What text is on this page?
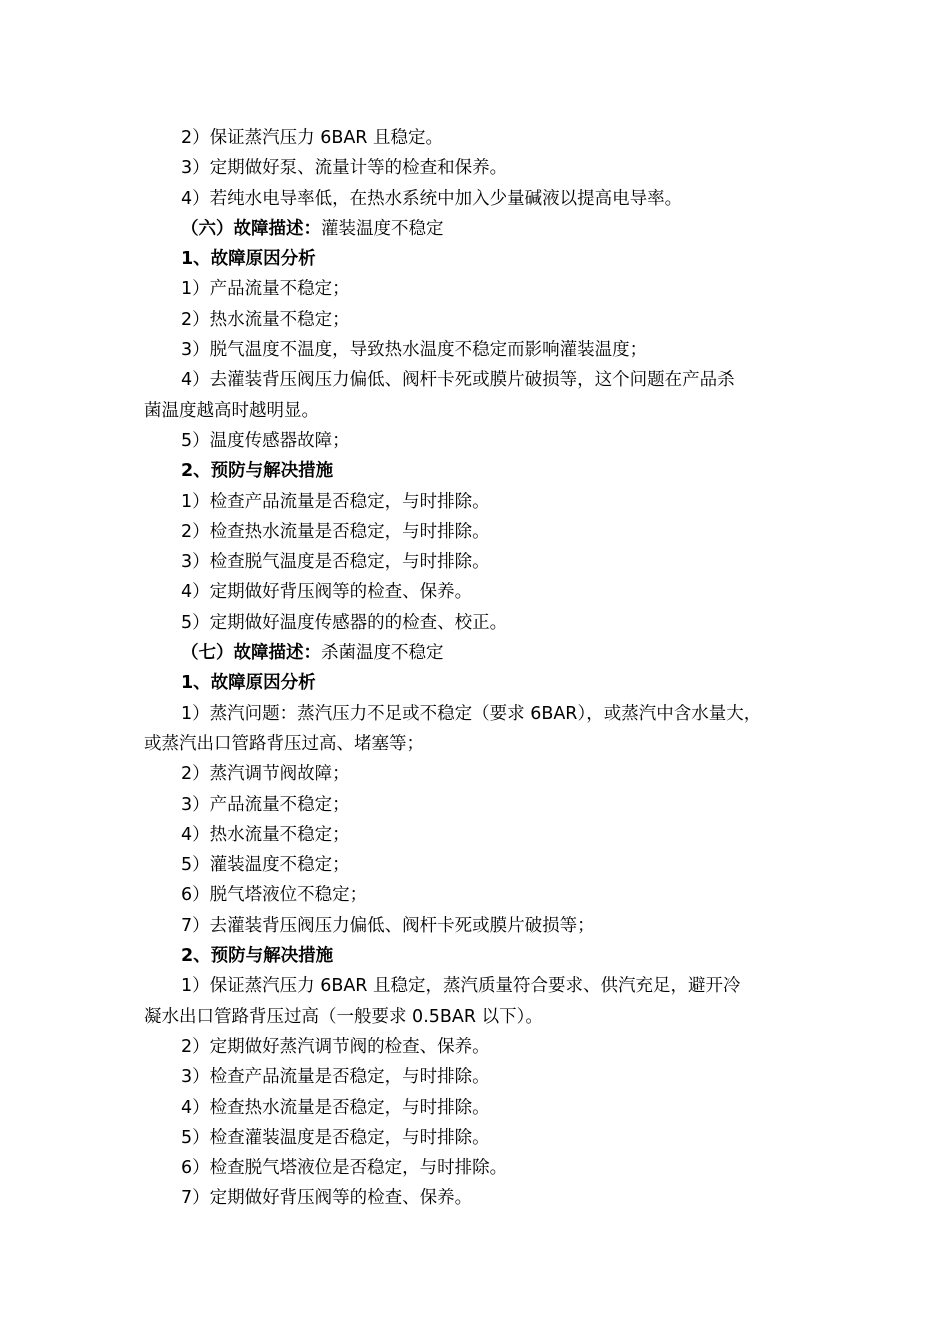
2）保证蒸汽压力 6BAR 且稳定。
3）定期做好泵、流量计等的检查和保养。
4）若纯水电导率低，在热水系统中加入少量碱液以提高电导率。
（六）故障描述：灌装温度不稳定
1、故障原因分析
1）产品流量不稳定；
2）热水流量不稳定；
3）脱气温度不温度，导致热水温度不稳定而影响灌装温度；
4）去灌装背压阀压力偏低、阀杆卡死或膜片破损等，这个问题在产品杀
菌温度越高时越明显。
5）温度传感器故障；
2、预防与解决措施
1）检查产品流量是否稳定，与时排除。
2）检查热水流量是否稳定，与时排除。
3）检查脱气温度是否稳定，与时排除。
4）定期做好背压阀等的检查、保养。
5）定期做好温度传感器的的检查、校正。
（七）故障描述：杀菌温度不稳定
1、故障原因分析
1）蒸汽问题：蒸汽压力不足或不稳定（要求 6BAR），或蒸汽中含水量大，
或蒸汽出口管路背压过高、堵塞等；
2）蒸汽调节阀故障；
3）产品流量不稳定；
4）热水流量不稳定；
5）灌装温度不稳定；
6）脱气塔液位不稳定；
7）去灌装背压阀压力偏低、阀杆卡死或膜片破损等；
2、预防与解决措施
1）保证蒸汽压力 6BAR 且稳定，蒸汽质量符合要求、供汽充足，避开冷
凝水出口管路背压过高（一般要求 0.5BAR 以下）。
2）定期做好蒸汽调节阀的检查、保养。
3）检查产品流量是否稳定，与时排除。
4）检查热水流量是否稳定，与时排除。
5）检查灌装温度是否稳定，与时排除。
6）检查脱气塔液位是否稳定，与时排除。
7）定期做好背压阀等的检查、保养。
